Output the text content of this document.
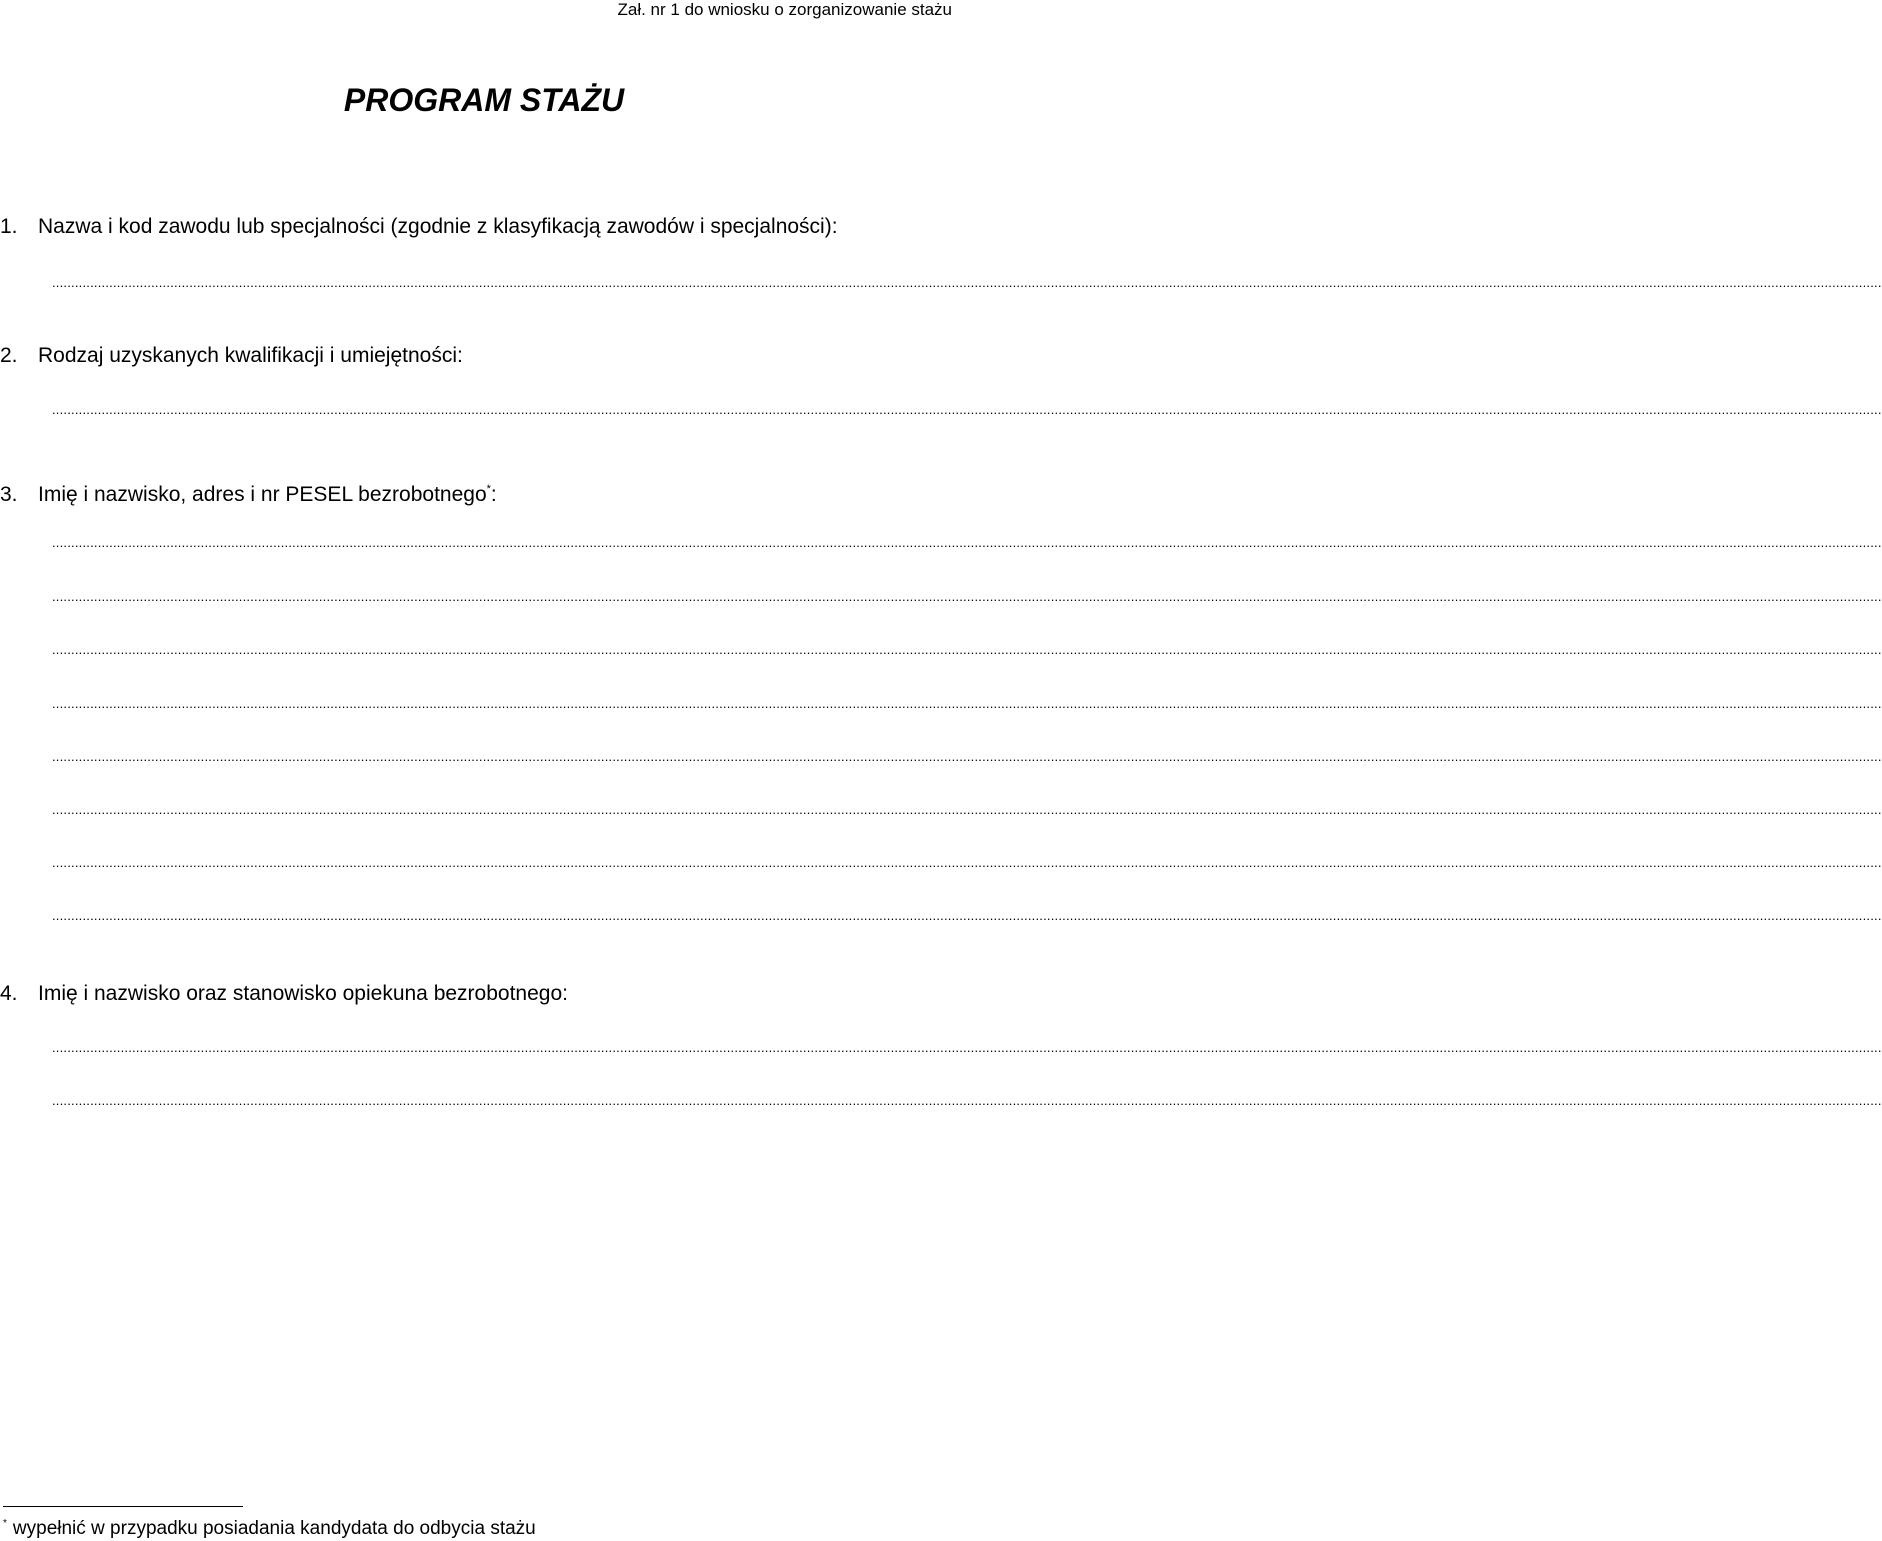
Zał. nr 1 do wniosku o zorganizowanie stażu
PROGRAM STAŻU
1. Nazwa i kod zawodu lub specjalności (zgodnie z klasyfikacją zawodów i specjalności):
................................................................................................................................................................................................................................................................................................................................................................................................................................................................................................
2. Rodzaj uzyskanych kwalifikacji i umiejętności:
................................................................................................................................................................................................................................................................................................................................................................................................................................................................................................
3. Imię i nazwisko, adres i nr PESEL bezrobotnego*:
................................................................................................................................................................................................................................................................................................................................................................................................................................................................................................
................................................................................................................................................................................................................................................................................................................................................................................................................................................................................................
................................................................................................................................................................................................................................................................................................................................................................................................................................................................................................
................................................................................................................................................................................................................................................................................................................................................................................................................................................................................................
................................................................................................................................................................................................................................................................................................................................................................................................................................................................................................
................................................................................................................................................................................................................................................................................................................................................................................................................................................................................................
................................................................................................................................................................................................................................................................................................................................................................................................................................................................................................
................................................................................................................................................................................................................................................................................................................................................................................................................................................................................................
4. Imię i nazwisko oraz stanowisko opiekuna bezrobotnego:
................................................................................................................................................................................................................................................................................................................................................................................................................................................................................................
................................................................................................................................................................................................................................................................................................................................................................................................................................................................................................
* wypełnić w przypadku posiadania kandydata do odbycia stażu
